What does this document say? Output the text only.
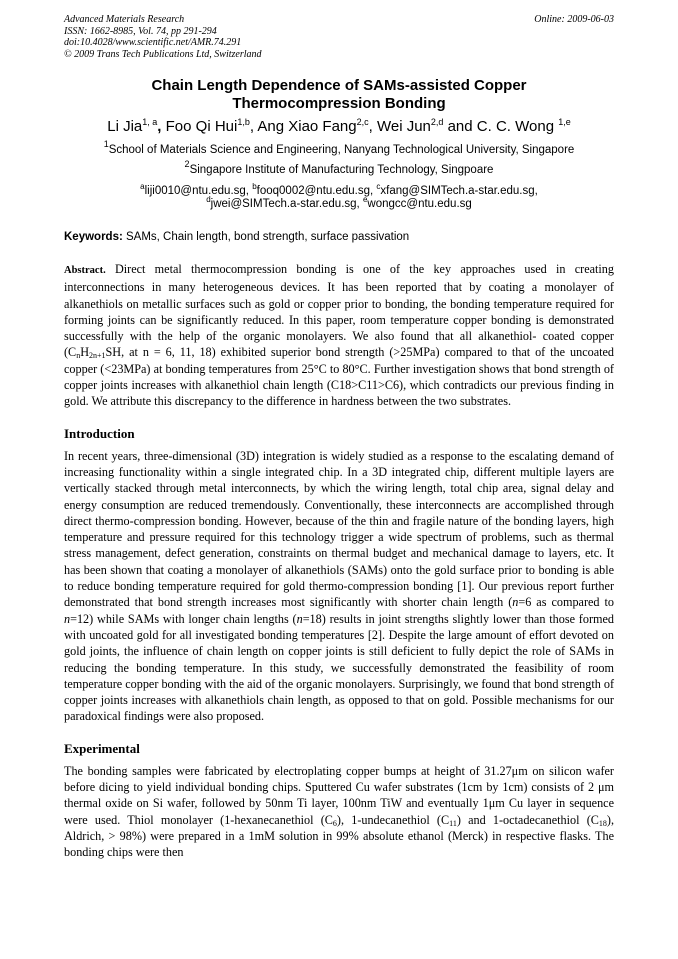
Advanced Materials Research
ISSN: 1662-8985, Vol. 74, pp 291-294
doi:10.4028/www.scientific.net/AMR.74.291
© 2009 Trans Tech Publications Ltd, Switzerland
Online: 2009-06-03
Chain Length Dependence of SAMs-assisted Copper
Thermocompression Bonding
Li Jia$^{1, a}$, Foo Qi Hui$^{1,b}$, Ang Xiao Fang$^{2,c}$, Wei Jun$^{2,d}$ and C. C. Wong $^{1,e}$
$^1$School of Materials Science and Engineering, Nanyang Technological University, Singapore
$^2$Singapore Institute of Manufacturing Technology, Singpoare
$^a$liji0010@ntu.edu.sg, $^b$fooq0002@ntu.edu.sg, $^c$xfang@SIMTech.a-star.edu.sg,
$^d$jwei@SIMTech.a-star.edu.sg, $^e$wongcc@ntu.edu.sg
Keywords: SAMs, Chain length, bond strength, surface passivation
Abstract. Direct metal thermocompression bonding is one of the key approaches used in creating interconnections in many heterogeneous devices. It has been reported that by coating a monolayer of alkanethiols on metallic surfaces such as gold or copper prior to bonding, the bonding temperature required for forming joints can be significantly reduced. In this paper, room temperature copper bonding is demonstrated successfully with the help of the organic monolayers. We also found that all alkanethiol- coated copper ($C_nH_{2n+1}SH$, at n = 6, 11, 18) exhibited superior bond strength (>25MPa) compared to that of the uncoated copper (<23MPa) at bonding temperatures from 25°C to 80°C. Further investigation shows that bond strength of copper joints increases with alkanethiol chain length (C18>C11>C6), which contradicts our previous finding in gold. We attribute this discrepancy to the difference in hardness between the two substrates.
Introduction
In recent years, three-dimensional (3D) integration is widely studied as a response to the escalating demand of increasing functionality within a single integrated chip. In a 3D integrated chip, different multiple layers are vertically stacked through metal interconnects, by which the wiring length, total chip area, signal delay and energy consumption are reduced tremendously. Conventionally, these interconnects are accomplished through direct thermo-compression bonding. However, because of the thin and fragile nature of the bonding layers, high temperature and pressure required for this technology trigger a wide spectrum of problems, such as thermal stress management, defect generation, constraints on thermal budget and mechanical damage to layers, etc. It has been shown that coating a monolayer of alkanethiols (SAMs) onto the gold surface prior to bonding is able to reduce bonding temperature required for gold thermo-compression bonding [1]. Our previous report further demonstrated that bond strength increases most significantly with shorter chain length (n=6 as compared to n=12) while SAMs with longer chain lengths (n=18) results in joint strengths slightly lower than those formed with uncoated gold for all investigated bonding temperatures [2]. Despite the large amount of effort devoted on gold joints, the influence of chain length on copper joints is still deficient to fully depict the role of SAMs in reducing the bonding temperature. In this study, we successfully demonstrated the feasibility of room temperature copper bonding with the aid of the organic monolayers. Surprisingly, we found that bond strength of copper joints increases with alkanethiols chain length, as opposed to that on gold. Possible mechanisms for our paradoxical findings were also proposed.
Experimental
The bonding samples were fabricated by electroplating copper bumps at height of 31.27μm on silicon wafer before dicing to yield individual bonding chips. Sputtered Cu wafer substrates (1cm by 1cm) consists of 2 μm thermal oxide on Si wafer, followed by 50nm Ti layer, 100nm TiW and eventually 1μm Cu layer in sequence were used. Thiol monolayer (1-hexanecanethiol $(C_6)$, 1-undecanethiol $(C_{11})$ and 1-octadecanethiol $(C_{18})$, Aldrich, > 98%) were prepared in a 1mM solution in 99% absolute ethanol (Merck) in respective flasks. The bonding chips were then
